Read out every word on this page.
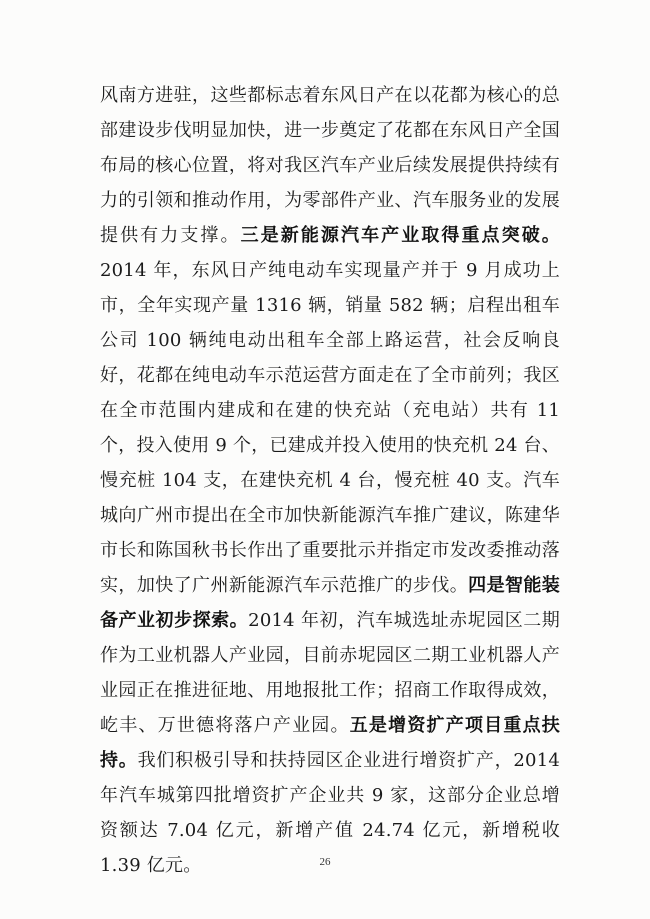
风南方进驻，这些都标志着东风日产在以花都为核心的总部建设步伐明显加快，进一步奠定了花都在东风日产全国布局的核心位置，将对我区汽车产业后续发展提供持续有力的引领和推动作用，为零部件产业、汽车服务业的发展提供有力支撑。三是新能源汽车产业取得重点突破。2014 年，东风日产纯电动车实现量产并于 9 月成功上市，全年实现产量 1316 辆，销量 582 辆；启程出租车公司 100 辆纯电动出租车全部上路运营，社会反响良好，花都在纯电动车示范运营方面走在了全市前列；我区在全市范围内建成和在建的快充站（充电站）共有 11 个，投入使用 9 个，已建成并投入使用的快充机 24 台、慢充桩 104 支，在建快充机 4 台，慢充桩 40 支。汽车城向广州市提出在全市加快新能源汽车推广建议，陈建华市长和陈国秋书长作出了重要批示并指定市发改委推动落实，加快了广州新能源汽车示范推广的步伐。四是智能装备产业初步探索。2014 年初，汽车城选址赤坭园区二期作为工业机器人产业园，目前赤坭园区二期工业机器人产业园正在推进征地、用地报批工作；招商工作取得成效，屹丰、万世德将落户产业园。五是增资扩产项目重点扶持。我们积极引导和扶持园区企业进行增资扩产，2014 年汽车城第四批增资扩产企业共 9 家，这部分企业总增资额达 7.04 亿元，新增产值 24.74 亿元，新增税收 1.39 亿元。	26
